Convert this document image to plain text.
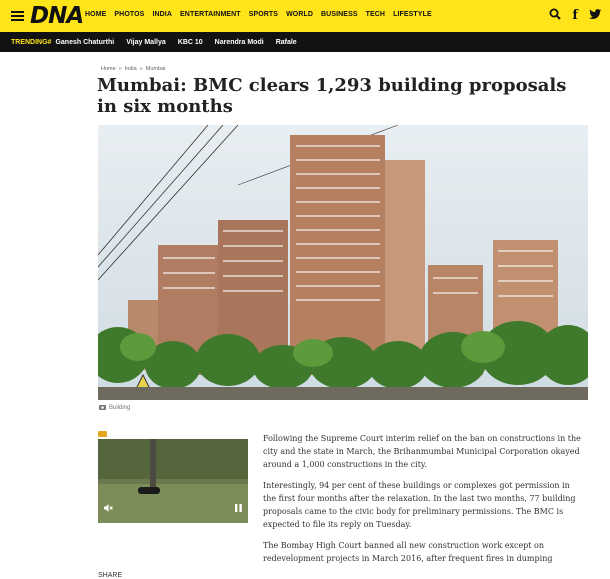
DNA HOME PHOTOS INDIA ENTERTAINMENT SPORTS WORLD BUSINESS TECH LIFESTYLE	f
TRENDING# Ganesh Chaturthi Vijay Mallya KBC 10 Narendra Modi Rafale
Home » India » Mumbai
Mumbai: BMC clears 1,293 building proposals in six months
Building

Following the Supreme Court interim relief on the ban on constructions in the city and the state in March, the Brihanmumbai Municipal Corporation okayed around a 1,000 constructions in the city.

Interestingly, 94 per cent of these buildings or complexes got permission in the first four months after the relaxation. In the last two months, 77 building proposals came to the civic body for preliminary permissions. The BMC is expected to file its reply on Tuesday.

The Bombay High Court banned all new construction work except on redevelopment projects in March 2016, after frequent fires in dumping

SHARE
